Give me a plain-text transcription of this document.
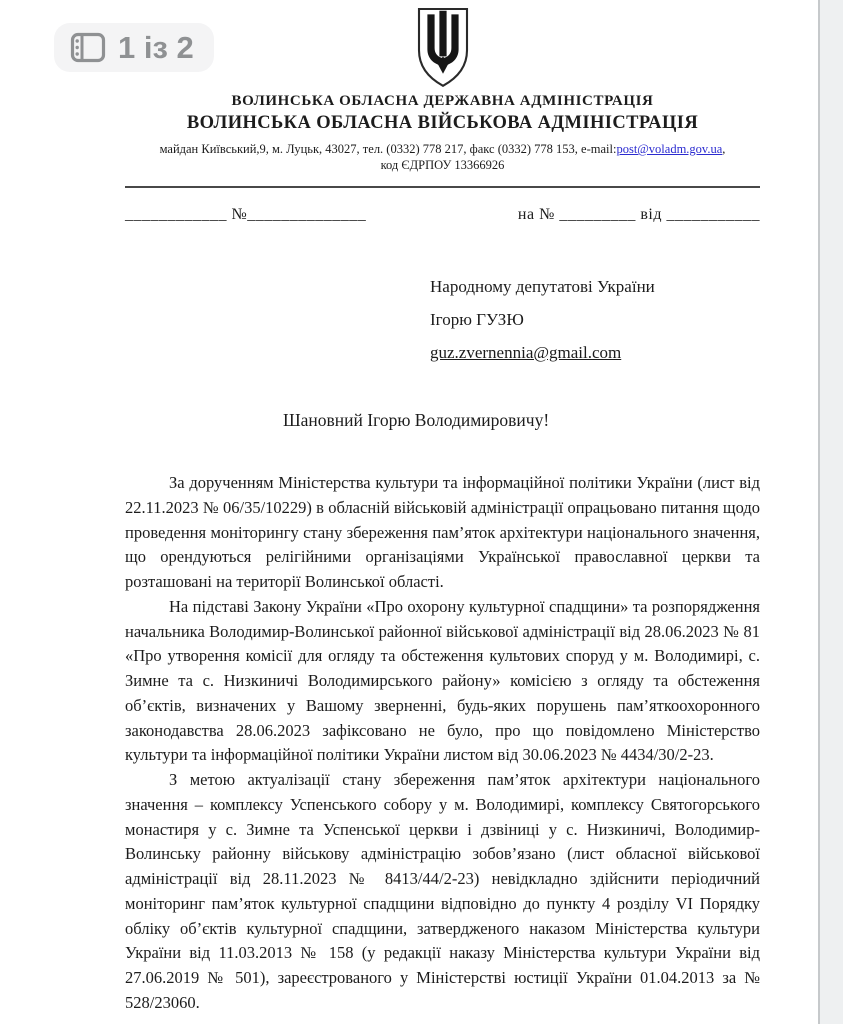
1 із 2
ВОЛИНСЬКА ОБЛАСНА ДЕРЖАВНА АДМІНІСТРАЦІЯ
ВОЛИНСЬКА ОБЛАСНА ВІЙСЬКОВА АДМІНІСТРАЦІЯ
майдан Київський,9, м. Луцьк, 43027, тел. (0332) 778 217, факс (0332) 778 153, e-mail:post@voladm.gov.ua,
код ЄДРПОУ 13366926
____________ №______________	на № _________ від ___________
Народному депутатові України
Ігорю ГУЗЮ
guz.zvernennia@gmail.com
Шановний Ігорю Володимировичу!

За дорученням Міністерства культури та інформаційної політики України (лист від 22.11.2023 № 06/35/10229) в обласній військовій адміністрації опрацьовано питання щодо проведення моніторингу стану збереження пам’яток архітектури національного значення, що орендуються релігійними організаціями Української православної церкви та розташовані на території Волинської області.

На підставі Закону України «Про охорону культурної спадщини» та розпорядження начальника Володимир-Волинської районної військової адміністрації від 28.06.2023 № 81 «Про утворення комісії для огляду та обстеження культових споруд у м. Володимирі, с. Зимне та с. Низкиничі Володимирського району» комісією з огляду та обстеження об’єктів, визначених у Вашому зверненні, будь-яких порушень пам’яткоохоронного законодавства 28.06.2023 зафіксовано не було, про що повідомлено Міністерство культури та інформаційної політики України листом від 30.06.2023 № 4434/30/2-23.

З метою актуалізації стану збереження пам’яток архітектури національного значення – комплексу Успенського собору у м. Володимирі, комплексу Святогорського монастиря у с. Зимне та Успенської церкви і дзвіниці у с. Низкиничі, Володимир-Волинську районну військову адміністрацію зобов’язано (лист обласної військової адміністрації від 28.11.2023 № 8413/44/2-23) невідкладно здійснити періодичний моніторинг пам’яток культурної спадщини відповідно до пункту 4 розділу VI Порядку обліку об’єктів культурної спадщини, затвердженого наказом Міністерства культури України від 11.03.2013 № 158 (у редакції наказу Міністерства культури України від 27.06.2019 № 501), зареєстрованого у Міністерстві юстиції України 01.04.2013 за № 528/23060.
